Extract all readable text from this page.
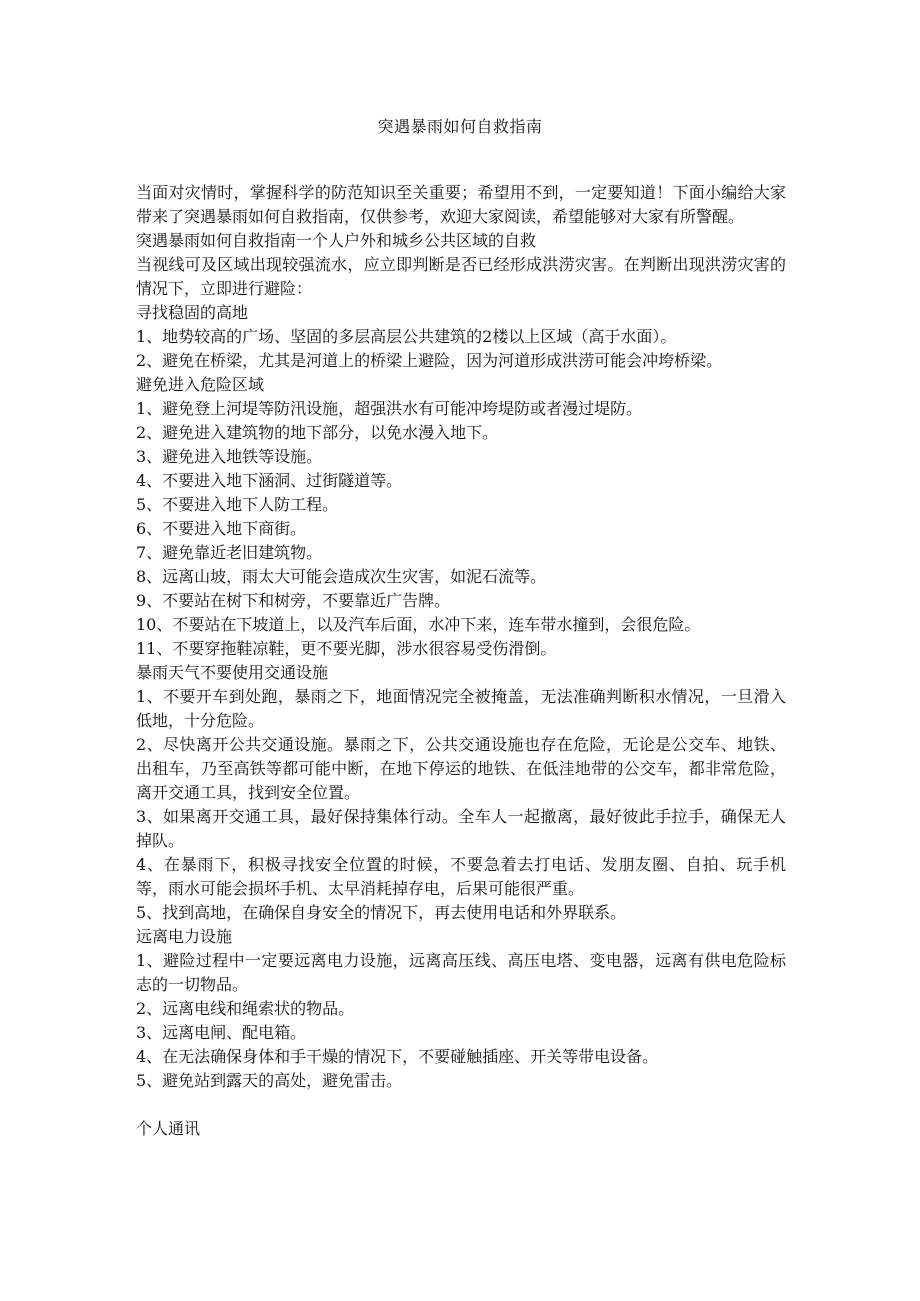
突遇暴雨如何自救指南

当面对灾情时，掌握科学的防范知识至关重要；希望用不到，一定要知道！下面小编给大家带来了突遇暴雨如何自救指南，仅供参考，欢迎大家阅读，希望能够对大家有所警醒。

突遇暴雨如何自救指南一个人户外和城乡公共区域的自救

当视线可及区域出现较强流水，应立即判断是否已经形成洪涝灾害。在判断出现洪涝灾害的情况下，立即进行避险：

寻找稳固的高地

1、地势较高的广场、坚固的多层高层公共建筑的2楼以上区域（高于水面）。

2、避免在桥梁，尤其是河道上的桥梁上避险，因为河道形成洪涝可能会冲垮桥梁。

避免进入危险区域

1、避免登上河堤等防汛设施，超强洪水有可能冲垮堤防或者漫过堤防。

2、避免进入建筑物的地下部分，以免水漫入地下。

3、避免进入地铁等设施。

4、不要进入地下涵洞、过街隧道等。

5、不要进入地下人防工程。

6、不要进入地下商街。

7、避免靠近老旧建筑物。

8、远离山坡，雨太大可能会造成次生灾害，如泥石流等。

9、不要站在树下和树旁，不要靠近广告牌。

10、不要站在下坡道上，以及汽车后面，水冲下来，连车带水撞到，会很危险。

11、不要穿拖鞋凉鞋，更不要光脚，涉水很容易受伤滑倒。

暴雨天气不要使用交通设施

1、不要开车到处跑，暴雨之下，地面情况完全被掩盖，无法准确判断积水情况，一旦滑入低地，十分危险。

2、尽快离开公共交通设施。暴雨之下，公共交通设施也存在危险，无论是公交车、地铁、出租车，乃至高铁等都可能中断，在地下停运的地铁、在低洼地带的公交车，都非常危险，离开交通工具，找到安全位置。

3、如果离开交通工具，最好保持集体行动。全车人一起撤离，最好彼此手拉手，确保无人掉队。

4、在暴雨下，积极寻找安全位置的时候，不要急着去打电话、发朋友圈、自拍、玩手机等，雨水可能会损坏手机、太早消耗掉存电，后果可能很严重。

5、找到高地，在确保自身安全的情况下，再去使用电话和外界联系。

远离电力设施

1、避险过程中一定要远离电力设施，远离高压线、高压电塔、变电器，远离有供电危险标志的一切物品。

2、远离电线和绳索状的物品。

3、远离电闸、配电箱。

4、在无法确保身体和手干燥的情况下，不要碰触插座、开关等带电设备。

5、避免站到露天的高处，避免雷击。

个人通讯
